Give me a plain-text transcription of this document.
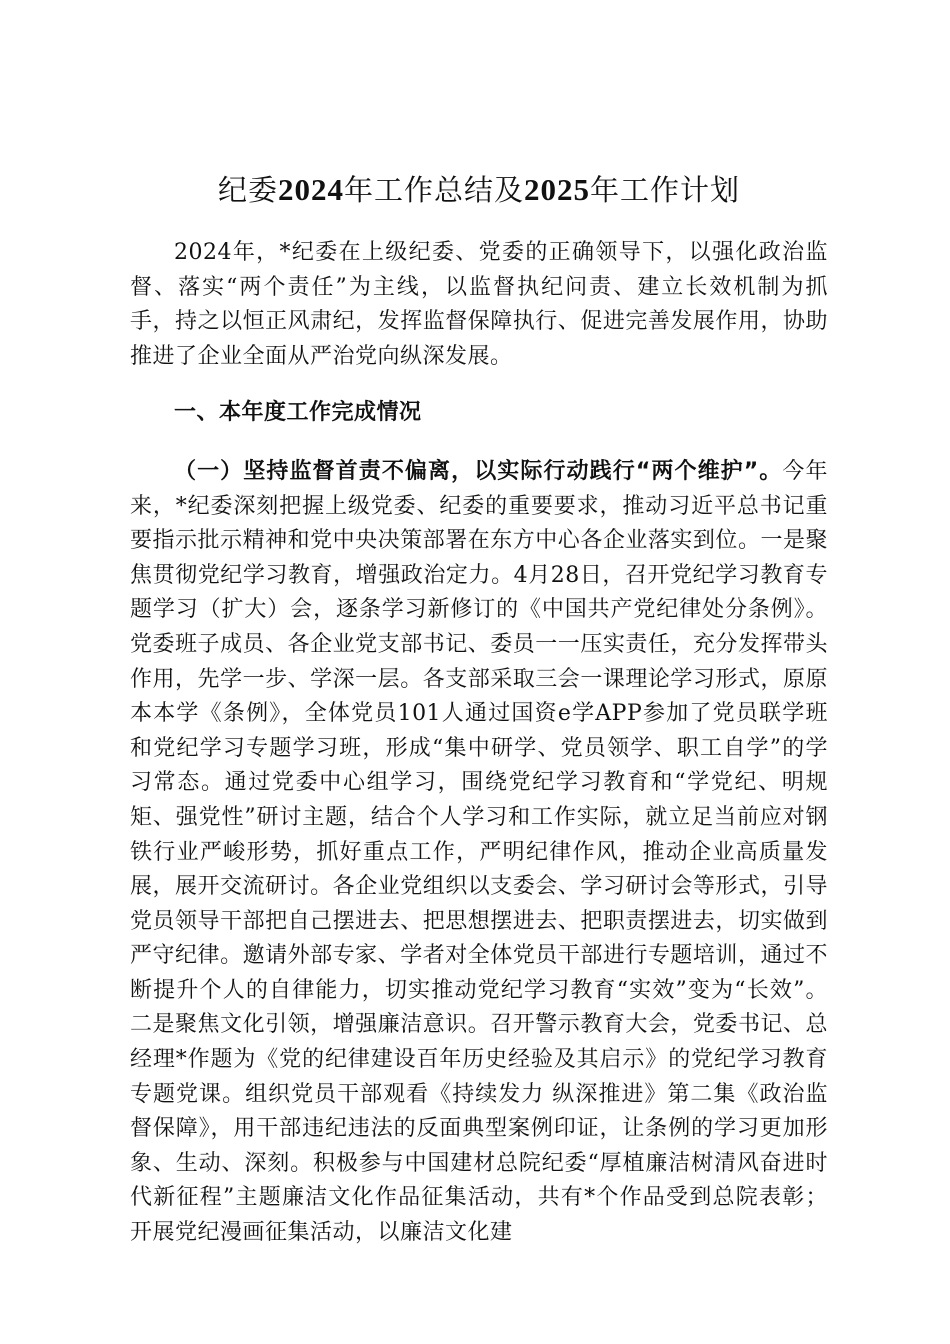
纪委2024年工作总结及2025年工作计划

2024年，*纪委在上级纪委、党委的正确领导下，以强化政治监督、落实“两个责任”为主线，以监督执纪问责、建立长效机制为抓手，持之以恒正风肃纪，发挥监督保障执行、促进完善发展作用，协助推进了企业全面从严治党向纵深发展。

一、本年度工作完成情况

（一）坚持监督首责不偏离，以实际行动践行“两个维护”。今年来，*纪委深刻把握上级党委、纪委的重要要求，推动习近平总书记重要指示批示精神和党中央决策部署在东方中心各企业落实到位。一是聚焦贯彻党纪学习教育，增强政治定力。4月28日，召开党纪学习教育专题学习（扩大）会，逐条学习新修订的《中国共产党纪律处分条例》。党委班子成员、各企业党支部书记、委员一一压实责任，充分发挥带头作用，先学一步、学深一层。各支部采取三会一课理论学习形式，原原本本学《条例》，全体党员101人通过国资e学APP参加了党员联学班和党纪学习专题学习班，形成“集中研学、党员领学、职工自学”的学习常态。通过党委中心组学习，围绕党纪学习教育和“学党纪、明规矩、强党性”研讨主题，结合个人学习和工作实际，就立足当前应对钢铁行业严峻形势，抓好重点工作，严明纪律作风，推动企业高质量发展，展开交流研讨。各企业党组织以支委会、学习研讨会等形式，引导党员领导干部把自己摆进去、把思想摆进去、把职责摆进去，切实做到严守纪律。邀请外部专家、学者对全体党员干部进行专题培训，通过不断提升个人的自律能力，切实推动党纪学习教育“实效”变为“长效”。二是聚焦文化引领，增强廉洁意识。召开警示教育大会，党委书记、总经理*作题为《党的纪律建设百年历史经验及其启示》的党纪学习教育专题党课。组织党员干部观看《持续发力 纵深推进》第二集《政治监督保障》，用干部违纪违法的反面典型案例印证，让条例的学习更加形象、生动、深刻。积极参与中国建材总院纪委“厚植廉洁树清风奋进时代新征程”主题廉洁文化作品征集活动，共有*个作品受到总院表彰；开展党纪漫画征集活动，以廉洁文化建
